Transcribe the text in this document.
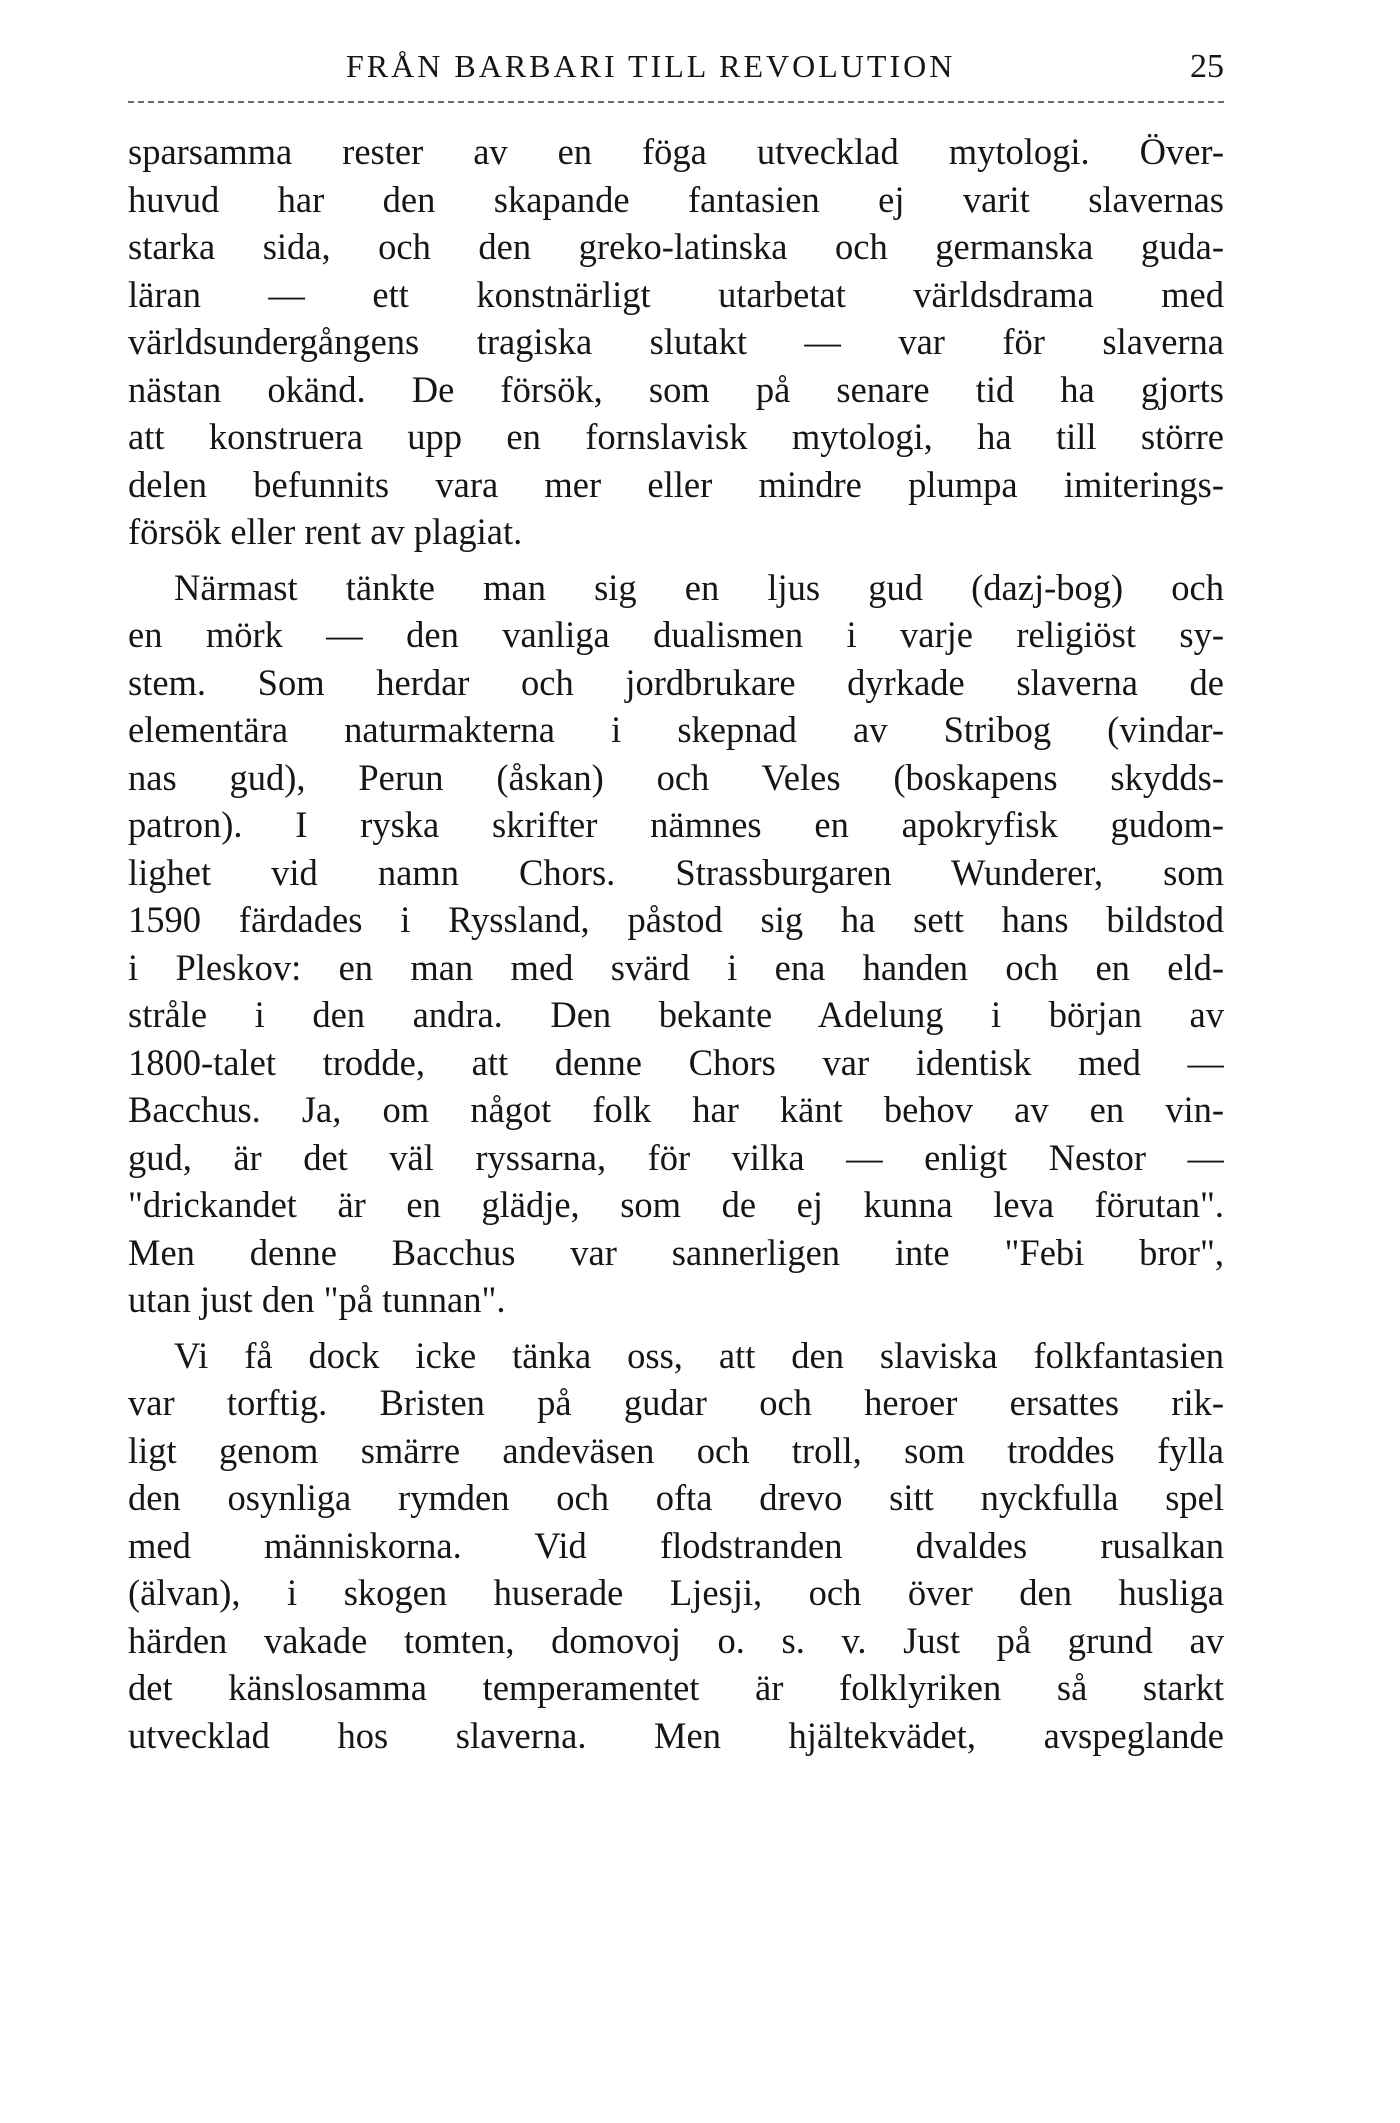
FRÅN BARBARI TILL REVOLUTION	25
sparsamma rester av en föga utvecklad mytologi. Över-
huvud har den skapande fantasien ej varit slavernas
starka sida, och den greko-latinska och germanska guda-
läran — ett konstnärligt utarbetat världsdrama med
världsundergångens tragiska slutakt — var för slaverna
nästan okänd. De försök, som på senare tid ha gjorts
att konstruera upp en fornslavisk mytologi, ha till större
delen befunnits vara mer eller mindre plumpa imiterings-
försök eller rent av plagiat.
Närmast tänkte man sig en ljus gud (dazj-bog) och
en mörk — den vanliga dualismen i varje religiöst sy-
stem. Som herdar och jordbrukare dyrkade slaverna de
elementära naturmakterna i skepnad av Stribog (vindar-
nas gud), Perun (åskan) och Veles (boskapens skydds-
patron). I ryska skrifter nämnes en apokryfisk gudom-
lighet vid namn Chors. Strassburgaren Wunderer, som
1590 färdades i Ryssland, påstod sig ha sett hans bildstod
i Pleskov: en man med svärd i ena handen och en eld-
stråle i den andra. Den bekante Adelung i början av
1800-talet trodde, att denne Chors var identisk med —
Bacchus. Ja, om något folk har känt behov av en vin-
gud, är det väl ryssarna, för vilka — enligt Nestor —
"drickandet är en glädje, som de ej kunna leva förutan".
Men denne Bacchus var sannerligen inte "Febi bror",
utan just den "på tunnan".
Vi få dock icke tänka oss, att den slaviska folkfantasien
var torftig. Bristen på gudar och heroer ersattes rik-
ligt genom smärre andeväsen och troll, som troddes fylla
den osynliga rymden och ofta drevo sitt nyckfulla spel
med människorna. Vid flodstranden dvaldes rusalkan
(älvan), i skogen huserade Ljesji, och över den husliga
härden vakade tomten, domovoj o. s. v. Just på grund av
det känslosamma temperamentet är folklyriken så starkt
utvecklad hos slaverna. Men hjältekvädet, avspeglande
